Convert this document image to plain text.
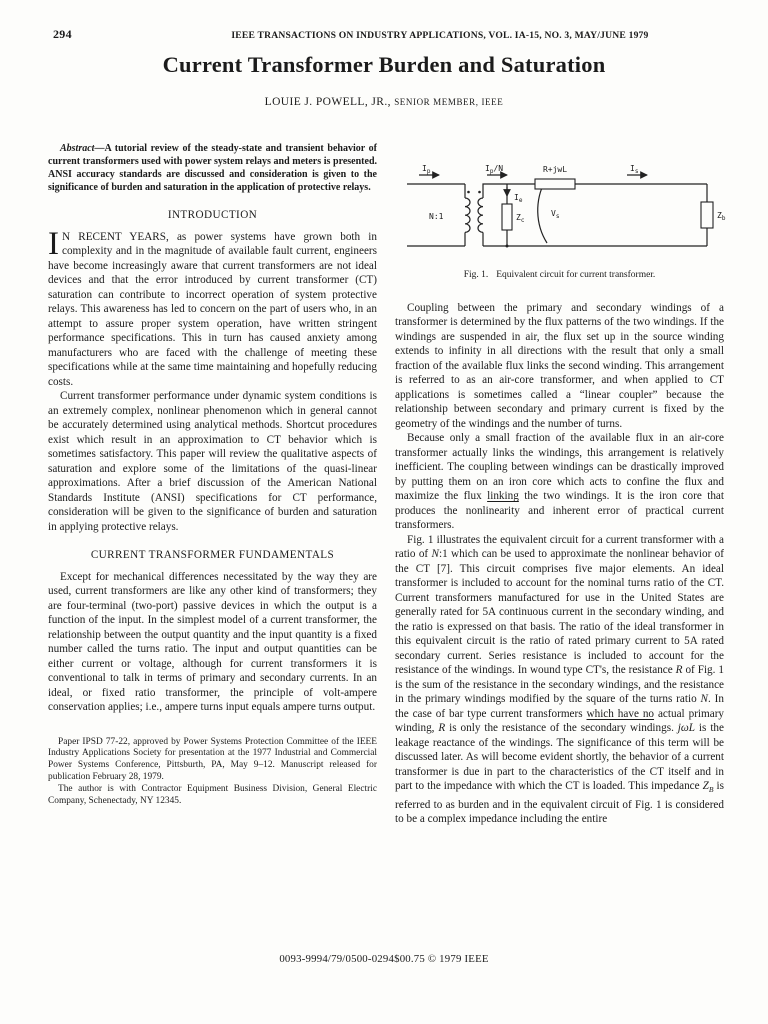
294	IEEE TRANSACTIONS ON INDUSTRY APPLICATIONS, VOL. IA-15, NO. 3, MAY/JUNE 1979
Current Transformer Burden and Saturation
LOUIE J. POWELL, JR., SENIOR MEMBER, IEEE

Abstract—A tutorial review of the steady-state and transient behavior of current transformers used with power system relays and meters is presented. ANSI accuracy standards are discussed and consideration is given to the significance of burden and saturation in the application of protective relays.

INTRODUCTION

I N RECENT YEARS, as power systems have grown both in complexity and in the magnitude of available fault current, engineers have become increasingly aware that current transformers are not ideal devices and that the error introduced by current transformer (CT) saturation can contribute to incorrect operation of system protective relays. This awareness has led to concern on the part of users who, in an attempt to assure proper system operation, have written stringent performance specifications. This in turn has caused anxiety among manufacturers who are faced with the challenge of meeting these specifications while at the same time maintaining and hopefully reducing costs.

Current transformer performance under dynamic system conditions is an extremely complex, nonlinear phenomenon which in general cannot be accurately determined using analytical methods. Shortcut procedures exist which result in an approximation to CT behavior which is sometimes satisfactory. This paper will review the qualitative aspects of saturation and explore some of the limitations of the quasi-linear approximations. After a brief discussion of the American National Standards Institute (ANSI) specifications for CT performance, consideration will be given to the significance of burden and saturation in applying protective relays.

CURRENT TRANSFORMER FUNDAMENTALS

Except for mechanical differences necessitated by the way they are used, current transformers are like any other kind of transformers; they are four-terminal (two-port) passive devices in which the output is a function of the input. In the simplest model of a current transformer, the relationship between the output quantity and the input quantity is a fixed number called the turns ratio. The input and output quantities can be either current or voltage, although for current transformers it is conventional to talk in terms of primary and secondary currents. In an ideal, or fixed ratio transformer, the principle of volt-ampere conservation applies; i.e., ampere turns input equals ampere turns output.

Paper IPSD 77-22, approved by Power Systems Protection Committee of the IEEE Industry Applications Society for presentation at the 1977 Industrial and Commercial Power Systems Conference, Pittsburth, PA, May 9–12. Manuscript released for publication February 28, 1979.

The author is with Contractor Equipment Business Division, General Electric Company, Schenectady, NY 12345.

$I_p$	$I_p/N$	R+jwL	$I_s$
N:1
$I_e$
$Z_c$
$V_s$	$Z_b$

Fig. 1. Equivalent circuit for current transformer.

Coupling between the primary and secondary windings of a transformer is determined by the flux patterns of the two windings. If the windings are suspended in air, the flux set up in the source winding extends to infinity in all directions with the result that only a small fraction of the available flux links the second winding. This arrangement is referred to as an air-core transformer, and when applied to CT applications is sometimes called a “linear coupler” because the relationship between secondary and primary current is fixed by the geometry of the windings and the number of turns.

Because only a small fraction of the available flux in an air-core transformer actually links the windings, this arrangement is relatively inefficient. The coupling between windings can be drastically improved by putting them on an iron core which acts to confine the flux and maximize the flux linking the two windings. It is the iron core that produces the nonlinearity and inherent error of practical current transformers.

Fig. 1 illustrates the equivalent circuit for a current transformer with a ratio of N:1 which can be used to approximate the nonlinear behavior of the CT [7]. This circuit comprises five major elements. An ideal transformer is included to account for the nominal turns ratio of the CT. Current transformers manufactured for use in the United States are generally rated for 5A continuous current in the secondary winding, and the ratio is expressed on that basis. The ratio of the ideal transformer in this equivalent circuit is the ratio of rated primary current to 5A rated secondary current. Series resistance is included to account for the resistance of the windings. In wound type CT's, the resistance R of Fig. 1 is the sum of the resistance in the secondary windings, and the resistance in the primary windings modified by the square of the turns ratio N. In the case of bar type current transformers which have no actual primary winding, R is only the resistance of the secondary windings. jωL is the leakage reactance of the windings. The significance of this term will be discussed later. As will become evident shortly, the behavior of a current transformer is due in part to the characteristics of the CT itself and in part to the impedance with which the CT is loaded. This impedance $Z_B$ is referred to as burden and in the equivalent circuit of Fig. 1 is considered to be a complex impedance including the entire

0093-9994/79/0500-0294$00.75 © 1979 IEEE
